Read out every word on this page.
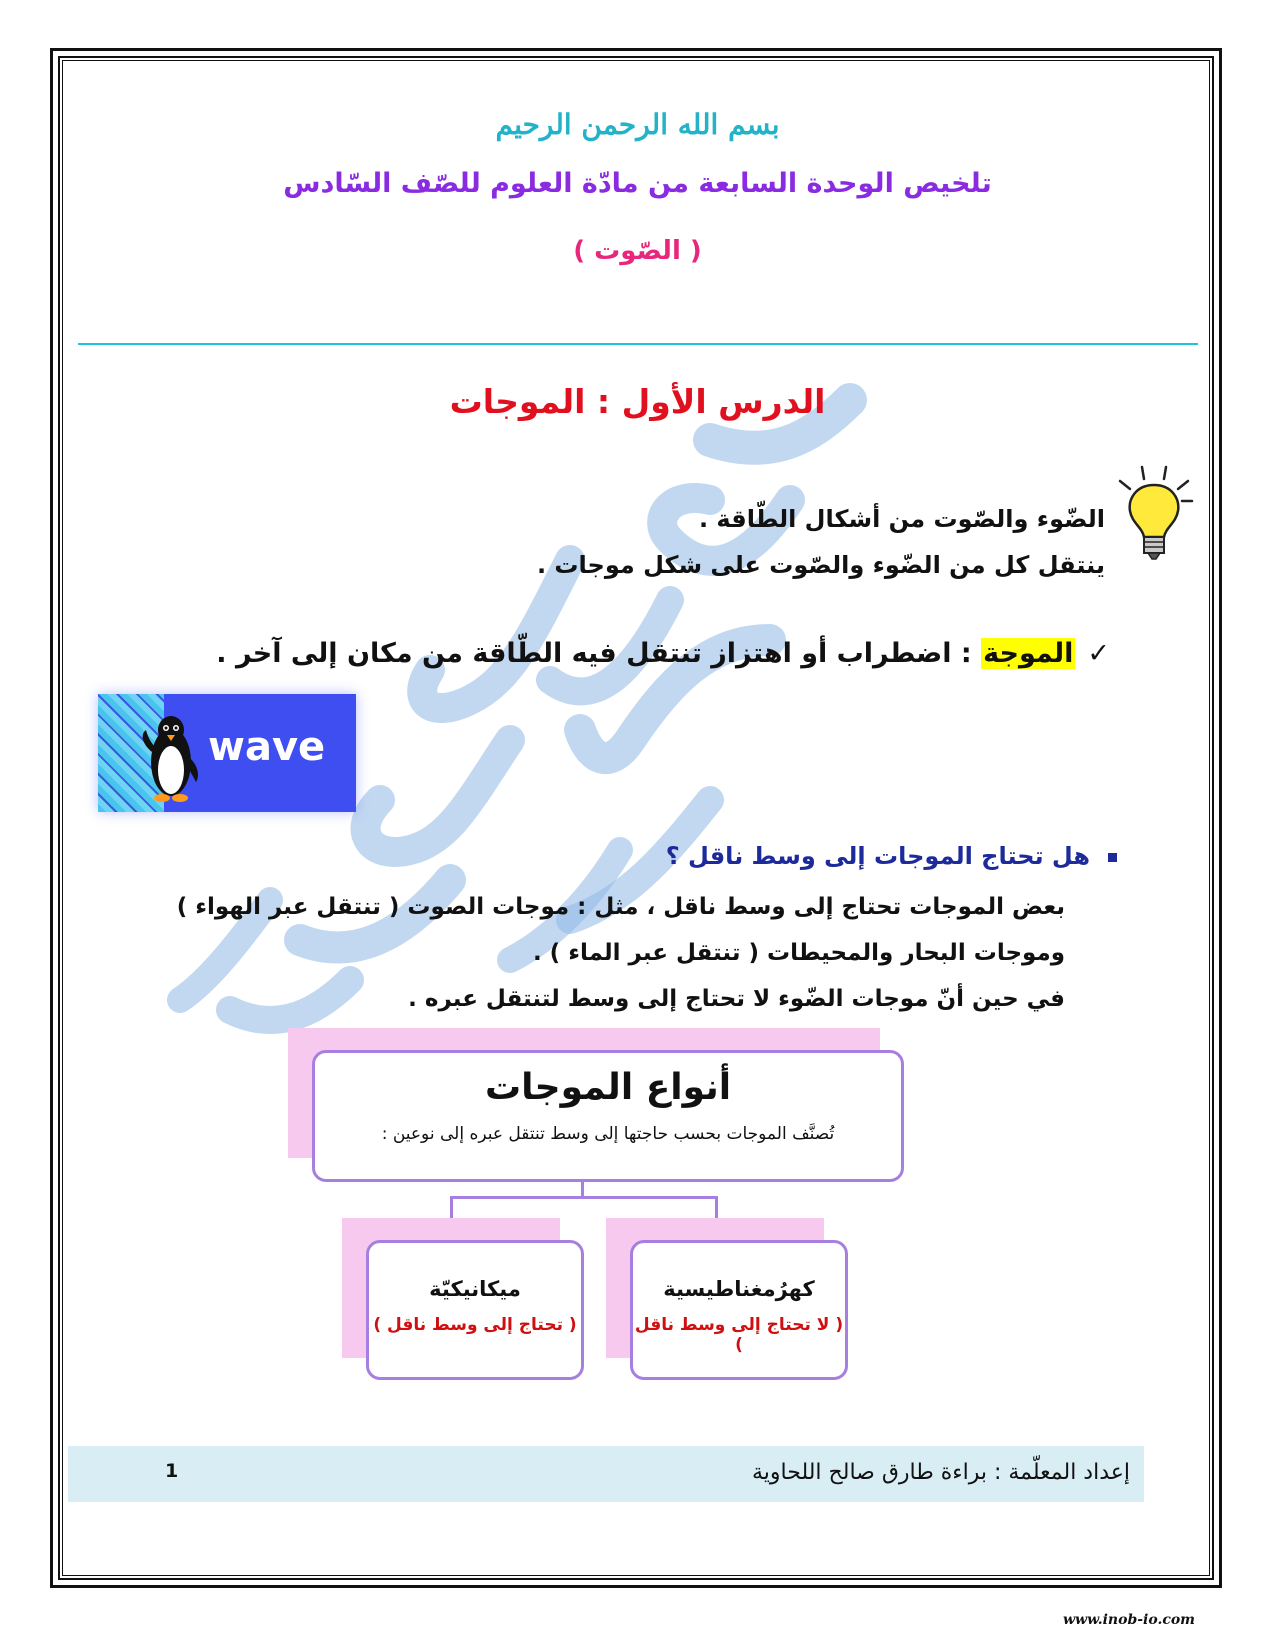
بسم الله الرحمن الرحيم
تلخيص الوحدة السابعة من مادّة العلوم للصّف السّادس
( الصّوت )
الدرس الأول : الموجات
الضّوء والصّوت من أشكال الطّاقة .
ينتقل كل من الضّوء والصّوت على شكل موجات .
✓الموجة : اضطراب أو اهتزاز تنتقل فيه الطّاقة من مكان إلى آخر .
wave
هل تحتاج الموجات إلى وسط ناقل ؟
بعض الموجات تحتاج إلى وسط ناقل ، مثل : موجات الصوت ( تنتقل عبر الهواء )
وموجات البحار والمحيطات ( تنتقل عبر الماء ) .
في حين أنّ موجات الضّوء لا تحتاج إلى وسط لتنتقل عبره .
أنواع الموجات
تُصنَّف الموجات بحسب حاجتها إلى وسط تنتقل عبره إلى نوعين :
كهرُمغناطيسية
( لا تحتاج إلى وسط ناقل )
ميكانيكيّة
( تحتاج إلى وسط ناقل )
إعداد المعلّمة : براءة طارق صالح اللحاوية
1
www.inob-io.com
